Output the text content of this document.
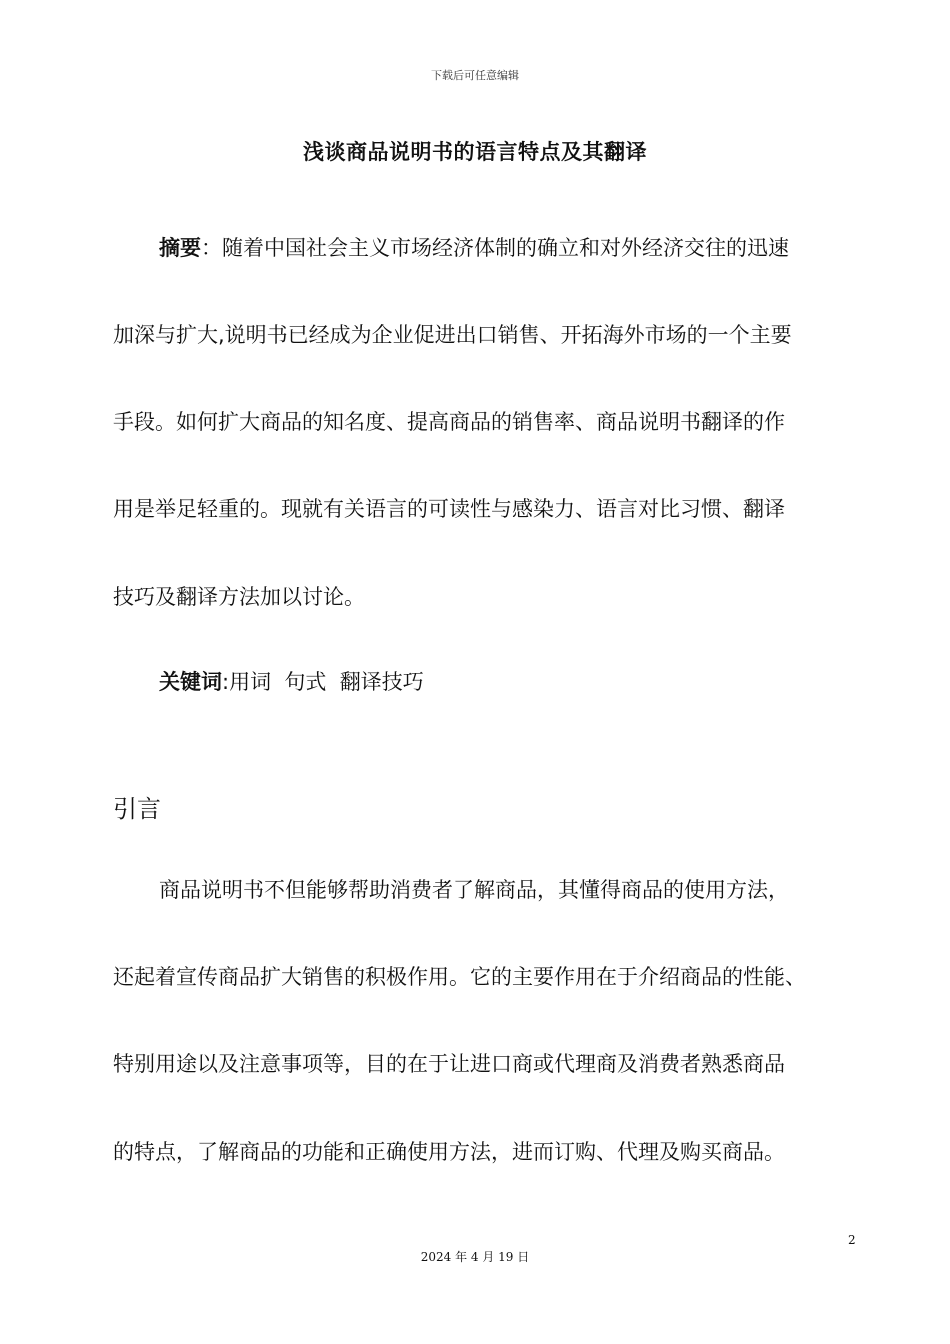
下载后可任意编辑
浅谈商品说明书的语言特点及其翻译
摘要：随着中国社会主义市场经济体制的确立和对外经济交往的迅速
加深与扩大,说明书已经成为企业促进出口销售、开拓海外市场的一个主要
手段。如何扩大商品的知名度、提高商品的销售率、商品说明书翻译的作
用是举足轻重的。现就有关语言的可读性与感染力、语言对比习惯、翻译
技巧及翻译方法加以讨论。
关键词:用词  句式  翻译技巧
引言
商品说明书不但能够帮助消费者了解商品，其懂得商品的使用方法，
还起着宣传商品扩大销售的积极作用。它的主要作用在于介绍商品的性能、
特别用途以及注意事项等，目的在于让进口商或代理商及消费者熟悉商品
的特点，了解商品的功能和正确使用方法，进而订购、代理及购买商品。
2
2024 年 4 月 19 日
